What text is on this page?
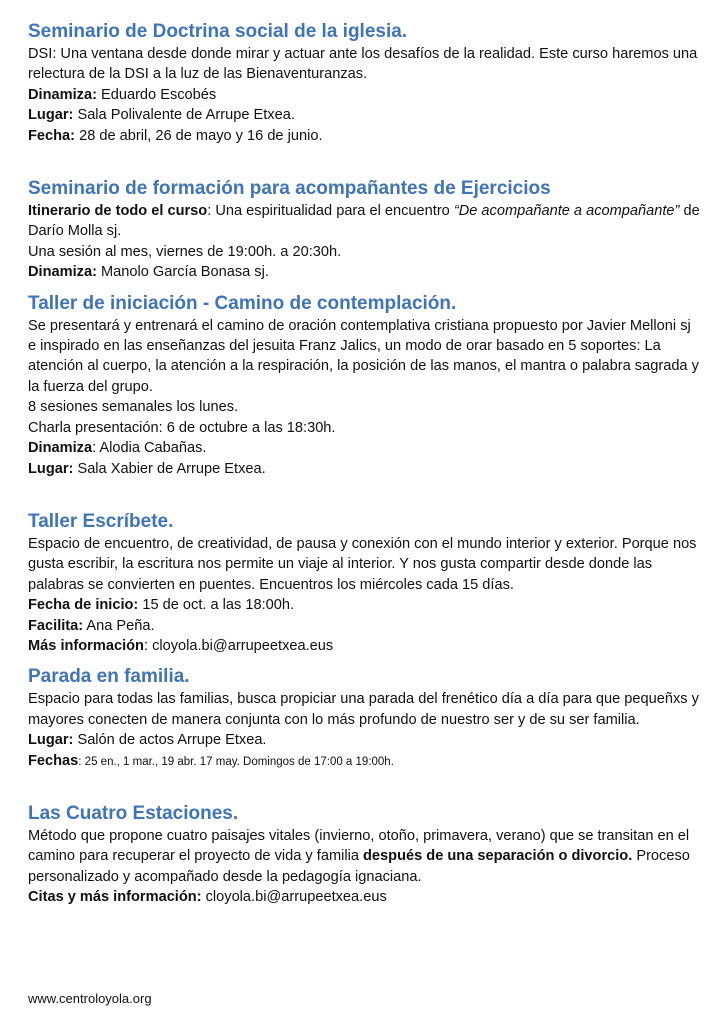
Seminario de Doctrina social de la iglesia.

DSI: Una ventana desde donde mirar y actuar ante los desafíos de la realidad. Este curso haremos una relectura de la DSI a la luz de las Bienaventuranzas.

Dinamiza: Eduardo Escobés

Lugar: Sala Polivalente de Arrupe Etxea.

Fecha: 28 de abril, 26 de mayo y 16 de junio.

Seminario de formación para acompañantes de Ejercicios

Itinerario de todo el curso: Una espiritualidad para el encuentro “De acompañante a acompañante” de Darío Molla sj.

Una sesión al mes, viernes de 19:00h. a 20:30h.

Dinamiza: Manolo García Bonasa sj.

Taller de iniciación - Camino de contemplación.

Se presentará y entrenará el camino de oración contemplativa cristiana propuesto por Javier Melloni sj e inspirado en las enseñanzas del jesuita Franz Jalics, un modo de orar basado en 5 soportes: La atención al cuerpo, la atención a la respiración, la posición de las manos, el mantra o palabra sagrada y la fuerza del grupo.

8 sesiones semanales los lunes.

Charla presentación: 6 de octubre a las 18:30h.

Dinamiza: Alodia Cabañas.

Lugar: Sala Xabier de Arrupe Etxea.

Taller Escríbete.

Espacio de encuentro, de creatividad, de pausa y conexión con el mundo interior y exterior. Porque nos gusta escribir, la escritura nos permite un viaje al interior. Y nos gusta compartir desde donde las palabras se convierten en puentes. Encuentros los miércoles cada 15 días.

Fecha de inicio: 15 de oct. a las 18:00h.

Facilita: Ana Peña.

Más información: cloyola.bi@arrupeetxea.eus

Parada en familia.

Espacio para todas las familias, busca propiciar una parada del frenético día a día para que pequeñxs y mayores conecten de manera conjunta con lo más profundo de nuestro ser y de su ser familia.

Lugar: Salón de actos Arrupe Etxea.

Fechas: 25 en., 1 mar., 19 abr. 17 may. Domingos de 17:00 a 19:00h.

Las Cuatro Estaciones.

Método que propone cuatro paisajes vitales (invierno, otoño, primavera, verano) que se transitan en el camino para recuperar el proyecto de vida y familia después de una separación o divorcio. Proceso personalizado y acompañado desde la pedagogía ignaciana.

Citas y más información: cloyola.bi@arrupeetxea.eus

www.centroloyola.org
